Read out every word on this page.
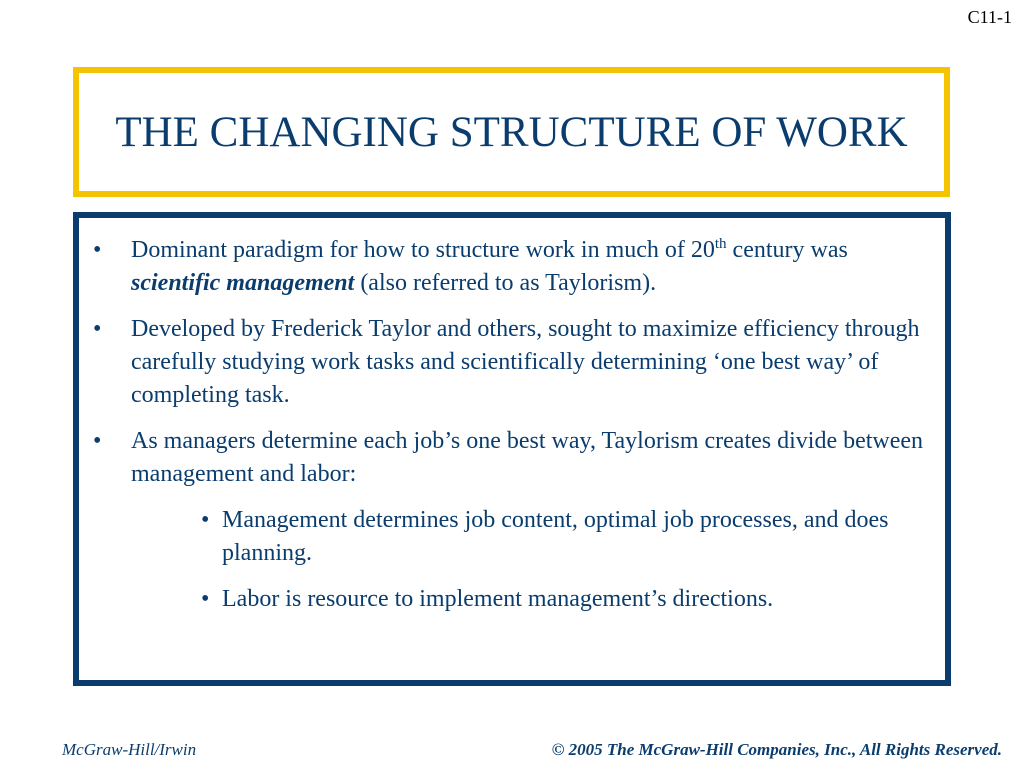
C11-1
THE CHANGING STRUCTURE OF WORK
• Dominant paradigm for how to structure work in much of 20th century was scientific management (also referred to as Taylorism).
• Developed by Frederick Taylor and others, sought to maximize efficiency through carefully studying work tasks and scientifically determining ‘one best way’ of completing task.
• As managers determine each job’s one best way, Taylorism creates divide between management and labor:
• Management determines job content, optimal job processes, and does planning.
• Labor is resource to implement management’s directions.
McGraw-Hill/Irwin	© 2005 The McGraw-Hill Companies, Inc., All Rights Reserved.
